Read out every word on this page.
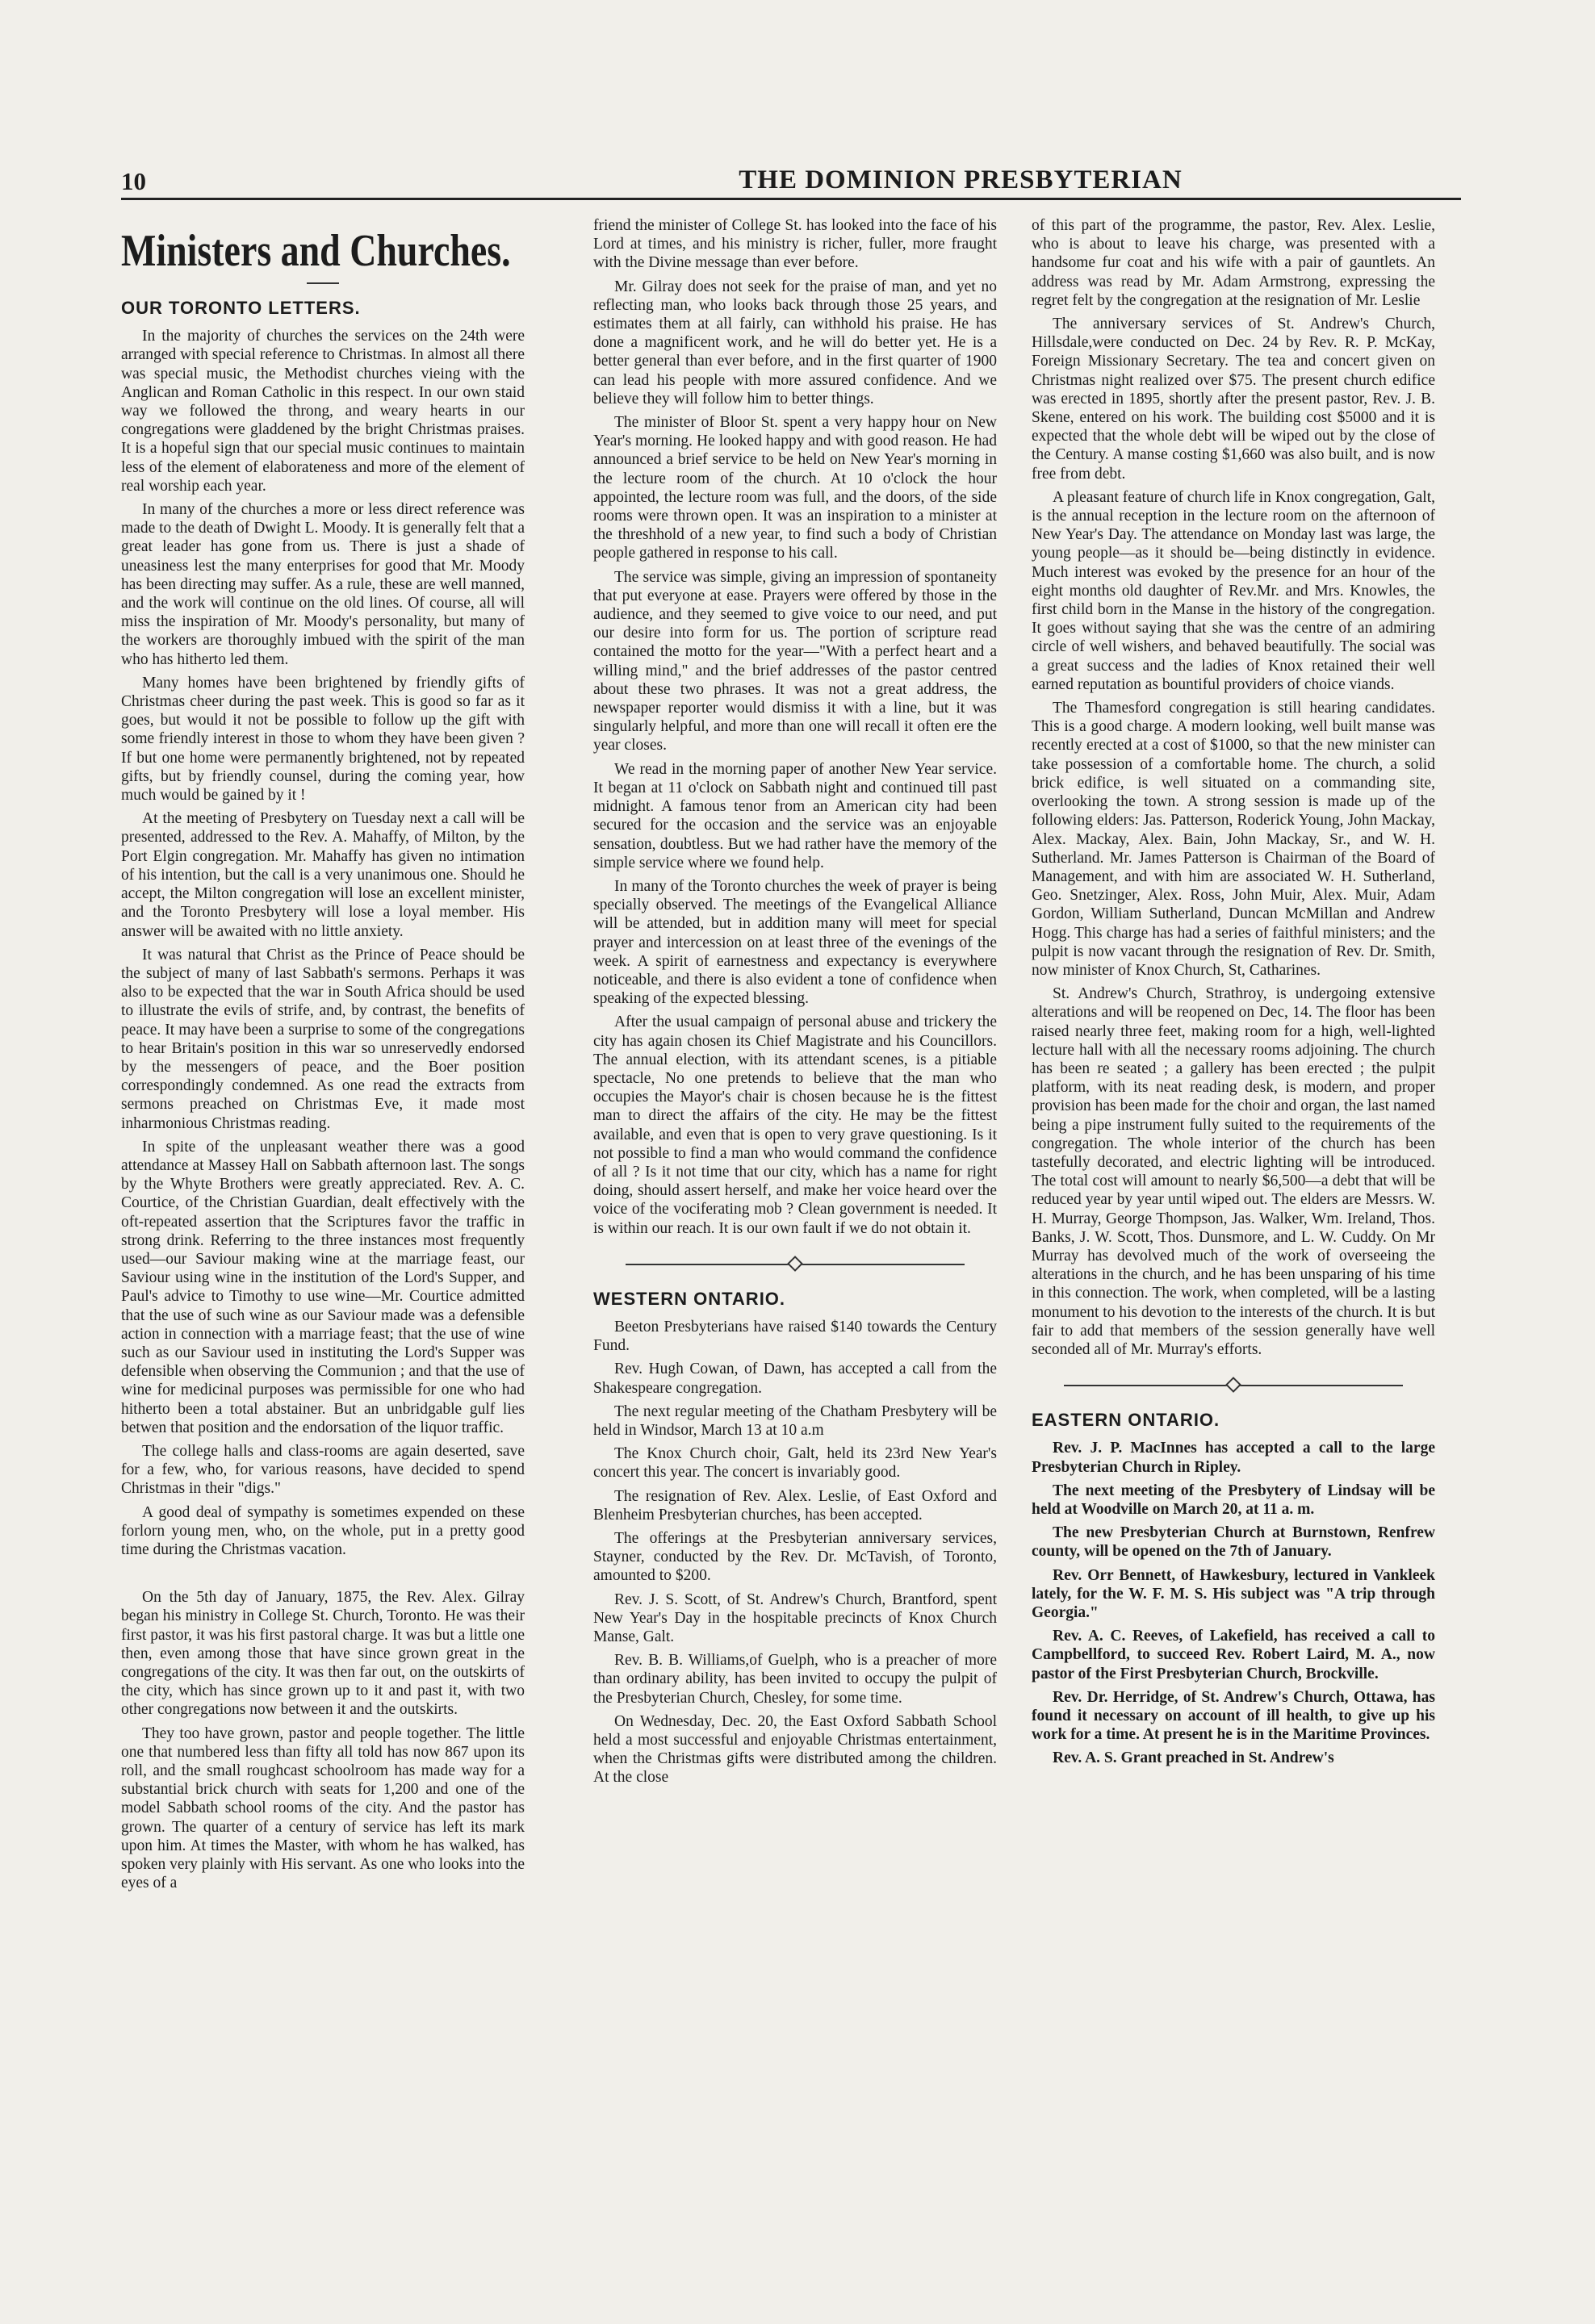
10	THE DOMINION PRESBYTERIAN
Ministers and Churches.
OUR TORONTO LETTERS.

In the majority of churches the services on the 24th were arranged with special reference to Christmas. In almost all there was special music, the Methodist churches vieing with the Anglican and Roman Catholic in this respect. In our own staid way we followed the throng, and weary hearts in our congregations were gladdened by the bright Christmas praises. It is a hopeful sign that our special music continues to maintain less of the element of elaborateness and more of the element of real worship each year.

In many of the churches a more or less direct reference was made to the death of Dwight L. Moody. It is generally felt that a great leader has gone from us. There is just a shade of uneasiness lest the many enterprises for good that Mr. Moody has been directing may suffer. As a rule, these are well manned, and the work will continue on the old lines. Of course, all will miss the inspiration of Mr. Moody's personality, but many of the workers are thoroughly imbued with the spirit of the man who has hitherto led them.

Many homes have been brightened by friendly gifts of Christmas cheer during the past week. This is good so far as it goes, but would it not be possible to follow up the gift with some friendly interest in those to whom they have been given ? If but one home were permanently brightened, not by repeated gifts, but by friendly counsel, during the coming year, how much would be gained by it !

At the meeting of Presbytery on Tuesday next a call will be presented, addressed to the Rev. A. Mahaffy, of Milton, by the Port Elgin congregation. Mr. Mahaffy has given no intimation of his intention, but the call is a very unanimous one. Should he accept, the Milton congregation will lose an excellent minister, and the Toronto Presbytery will lose a loyal member. His answer will be awaited with no little anxiety.

It was natural that Christ as the Prince of Peace should be the subject of many of last Sabbath's sermons. Perhaps it was also to be expected that the war in South Africa should be used to illustrate the evils of strife, and, by contrast, the benefits of peace. It may have been a surprise to some of the congregations to hear Britain's position in this war so unreservedly endorsed by the messengers of peace, and the Boer position correspondingly condemned. As one read the extracts from sermons preached on Christmas Eve, it made most inharmonious Christmas reading.

In spite of the unpleasant weather there was a good attendance at Massey Hall on Sabbath afternoon last. The songs by the Whyte Brothers were greatly appreciated. Rev. A. C. Courtice, of the Christian Guardian, dealt effectively with the oft-repeated assertion that the Scriptures favor the traffic in strong drink. Referring to the three instances most frequently used—our Saviour making wine at the marriage feast, our Saviour using wine in the institution of the Lord's Supper, and Paul's advice to Timothy to use wine—Mr. Courtice admitted that the use of such wine as our Saviour made was a defensible action in connection with a marriage feast; that the use of wine such as our Saviour used in instituting the Lord's Supper was defensible when observing the Communion ; and that the use of wine for medicinal purposes was permissible for one who had hitherto been a total abstainer. But an unbridgable gulf lies betwen that position and the endorsation of the liquor traffic.

The college halls and class-rooms are again deserted, save for a few, who, for various reasons, have decided to spend Christmas in their "digs."

A good deal of sympathy is sometimes expended on these forlorn young men, who, on the whole, put in a pretty good time during the Christmas vacation.

On the 5th day of January, 1875, the Rev. Alex. Gilray began his ministry in College St. Church, Toronto. He was their first pastor, it was his first pastoral charge. It was but a little one then, even among those that have since grown great in the congregations of the city. It was then far out, on the outskirts of the city, which has since grown up to it and past it, with two other congregations now between it and the outskirts.

They too have grown, pastor and people together. The little one that numbered less than fifty all told has now 867 upon its roll, and the small roughcast schoolroom has made way for a substantial brick church with seats for 1,200 and one of the model Sabbath school rooms of the city. And the pastor has grown. The quarter of a century of service has left its mark upon him. At times the Master, with whom he has walked, has spoken very plainly with His servant. As one who looks into the eyes of a

friend the minister of College St. has looked into the face of his Lord at times, and his ministry is richer, fuller, more fraught with the Divine message than ever before.

Mr. Gilray does not seek for the praise of man, and yet no reflecting man, who looks back through those 25 years, and estimates them at all fairly, can withhold his praise. He has done a magnificent work, and he will do better yet. He is a better general than ever before, and in the first quarter of 1900 can lead his people with more assured confidence. And we believe they will follow him to better things.

The minister of Bloor St. spent a very happy hour on New Year's morning. He looked happy and with good reason. He had announced a brief service to be held on New Year's morning in the lecture room of the church. At 10 o'clock the hour appointed, the lecture room was full, and the doors, of the side rooms were thrown open. It was an inspiration to a minister at the threshhold of a new year, to find such a body of Christian people gathered in response to his call.

The service was simple, giving an impression of spontaneity that put everyone at ease. Prayers were offered by those in the audience, and they seemed to give voice to our need, and put our desire into form for us. The portion of scripture read contained the motto for the year—"With a perfect heart and a willing mind," and the brief addresses of the pastor centred about these two phrases. It was not a great address, the newspaper reporter would dismiss it with a line, but it was singularly helpful, and more than one will recall it often ere the year closes.

We read in the morning paper of another New Year service. It began at 11 o'clock on Sabbath night and continued till past midnight. A famous tenor from an American city had been secured for the occasion and the service was an enjoyable sensation, doubtless. But we had rather have the memory of the simple service where we found help.

In many of the Toronto churches the week of prayer is being specially observed. The meetings of the Evangelical Alliance will be attended, but in addition many will meet for special prayer and intercession on at least three of the evenings of the week. A spirit of earnestness and expectancy is everywhere noticeable, and there is also evident a tone of confidence when speaking of the expected blessing.

After the usual campaign of personal abuse and trickery the city has again chosen its Chief Magistrate and his Councillors. The annual election, with its attendant scenes, is a pitiable spectacle, No one pretends to believe that the man who occupies the Mayor's chair is chosen because he is the fittest man to direct the affairs of the city. He may be the fittest available, and even that is open to very grave questioning. Is it not possible to find a man who would command the confidence of all ? Is it not time that our city, which has a name for right doing, should assert herself, and make her voice heard over the voice of the vociferating mob ? Clean government is needed. It is within our reach. It is our own fault if we do not obtain it.

WESTERN ONTARIO.

Beeton Presbyterians have raised $140 towards the Century Fund.

Rev. Hugh Cowan, of Dawn, has accepted a call from the Shakespeare congregation.

The next regular meeting of the Chatham Presbytery will be held in Windsor, March 13 at 10 a.m

The Knox Church choir, Galt, held its 23rd New Year's concert this year. The concert is invariably good.

The resignation of Rev. Alex. Leslie, of East Oxford and Blenheim Presbyterian churches, has been accepted.

The offerings at the Presbyterian anniversary services, Stayner, conducted by the Rev. Dr. McTavish, of Toronto, amounted to $200.

Rev. J. S. Scott, of St. Andrew's Church, Brantford, spent New Year's Day in the hospitable precincts of Knox Church Manse, Galt.

Rev. B. B. Williams,of Guelph, who is a preacher of more than ordinary ability, has been invited to occupy the pulpit of the Presbyterian Church, Chesley, for some time.

On Wednesday, Dec. 20, the East Oxford Sabbath School held a most successful and enjoyable Christmas entertainment, when the Christmas gifts were distributed among the children. At the close

of this part of the programme, the pastor, Rev. Alex. Leslie, who is about to leave his charge, was presented with a handsome fur coat and his wife with a pair of gauntlets. An address was read by Mr. Adam Armstrong, expressing the regret felt by the congregation at the resignation of Mr. Leslie

The anniversary services of St. Andrew's Church, Hillsdale,were conducted on Dec. 24 by Rev. R. P. McKay, Foreign Missionary Secretary. The tea and concert given on Christmas night realized over $75. The present church edifice was erected in 1895, shortly after the present pastor, Rev. J. B. Skene, entered on his work. The building cost $5000 and it is expected that the whole debt will be wiped out by the close of the Century. A manse costing $1,660 was also built, and is now free from debt.

A pleasant feature of church life in Knox congregation, Galt, is the annual reception in the lecture room on the afternoon of New Year's Day. The attendance on Monday last was large, the young people—as it should be—being distinctly in evidence. Much interest was evoked by the presence for an hour of the eight months old daughter of Rev.Mr. and Mrs. Knowles, the first child born in the Manse in the history of the congregation. It goes without saying that she was the centre of an admiring circle of well wishers, and behaved beautifully. The social was a great success and the ladies of Knox retained their well earned reputation as bountiful providers of choice viands.

The Thamesford congregation is still hearing candidates. This is a good charge. A modern looking, well built manse was recently erected at a cost of $1000, so that the new minister can take possession of a comfortable home. The church, a solid brick edifice, is well situated on a commanding site, overlooking the town. A strong session is made up of the following elders: Jas. Patterson, Roderick Young, John Mackay, Alex. Mackay, Alex. Bain, John Mackay, Sr., and W. H. Sutherland. Mr. James Patterson is Chairman of the Board of Management, and with him are associated W. H. Sutherland, Geo. Snetzinger, Alex. Ross, John Muir, Alex. Muir, Adam Gordon, William Sutherland, Duncan McMillan and Andrew Hogg. This charge has had a series of faithful ministers; and the pulpit is now vacant through the resignation of Rev. Dr. Smith, now minister of Knox Church, St, Catharines.

St. Andrew's Church, Strathroy, is undergoing extensive alterations and will be reopened on Dec, 14. The floor has been raised nearly three feet, making room for a high, well-lighted lecture hall with all the necessary rooms adjoining. The church has been re seated ; a gallery has been erected ; the pulpit platform, with its neat reading desk, is modern, and proper provision has been made for the choir and organ, the last named being a pipe instrument fully suited to the requirements of the congregation. The whole interior of the church has been tastefully decorated, and electric lighting will be introduced. The total cost will amount to nearly $6,500—a debt that will be reduced year by year until wiped out. The elders are Messrs. W. H. Murray, George Thompson, Jas. Walker, Wm. Ireland, Thos. Banks, J. W. Scott, Thos. Dunsmore, and L. W. Cuddy. On Mr Murray has devolved much of the work of overseeing the alterations in the church, and he has been unsparing of his time in this connection. The work, when completed, will be a lasting monument to his devotion to the interests of the church. It is but fair to add that members of the session generally have well seconded all of Mr. Murray's efforts.

EASTERN ONTARIO.

Rev. J. P. MacInnes has accepted a call to the large Presbyterian Church in Ripley.

The next meeting of the Presbytery of Lindsay will be held at Woodville on March 20, at 11 a. m.

The new Presbyterian Church at Burnstown, Renfrew county, will be opened on the 7th of January.

Rev. Orr Bennett, of Hawkesbury, lectured in Vankleek lately, for the W. F. M. S. His subject was "A trip through Georgia."

Rev. A. C. Reeves, of Lakefield, has received a call to Campbellford, to succeed Rev. Robert Laird, M. A., now pastor of the First Presbyterian Church, Brockville.

Rev. Dr. Herridge, of St. Andrew's Church, Ottawa, has found it necessary on account of ill health, to give up his work for a time. At present he is in the Maritime Provinces.

Rev. A. S. Grant preached in St. Andrew's
